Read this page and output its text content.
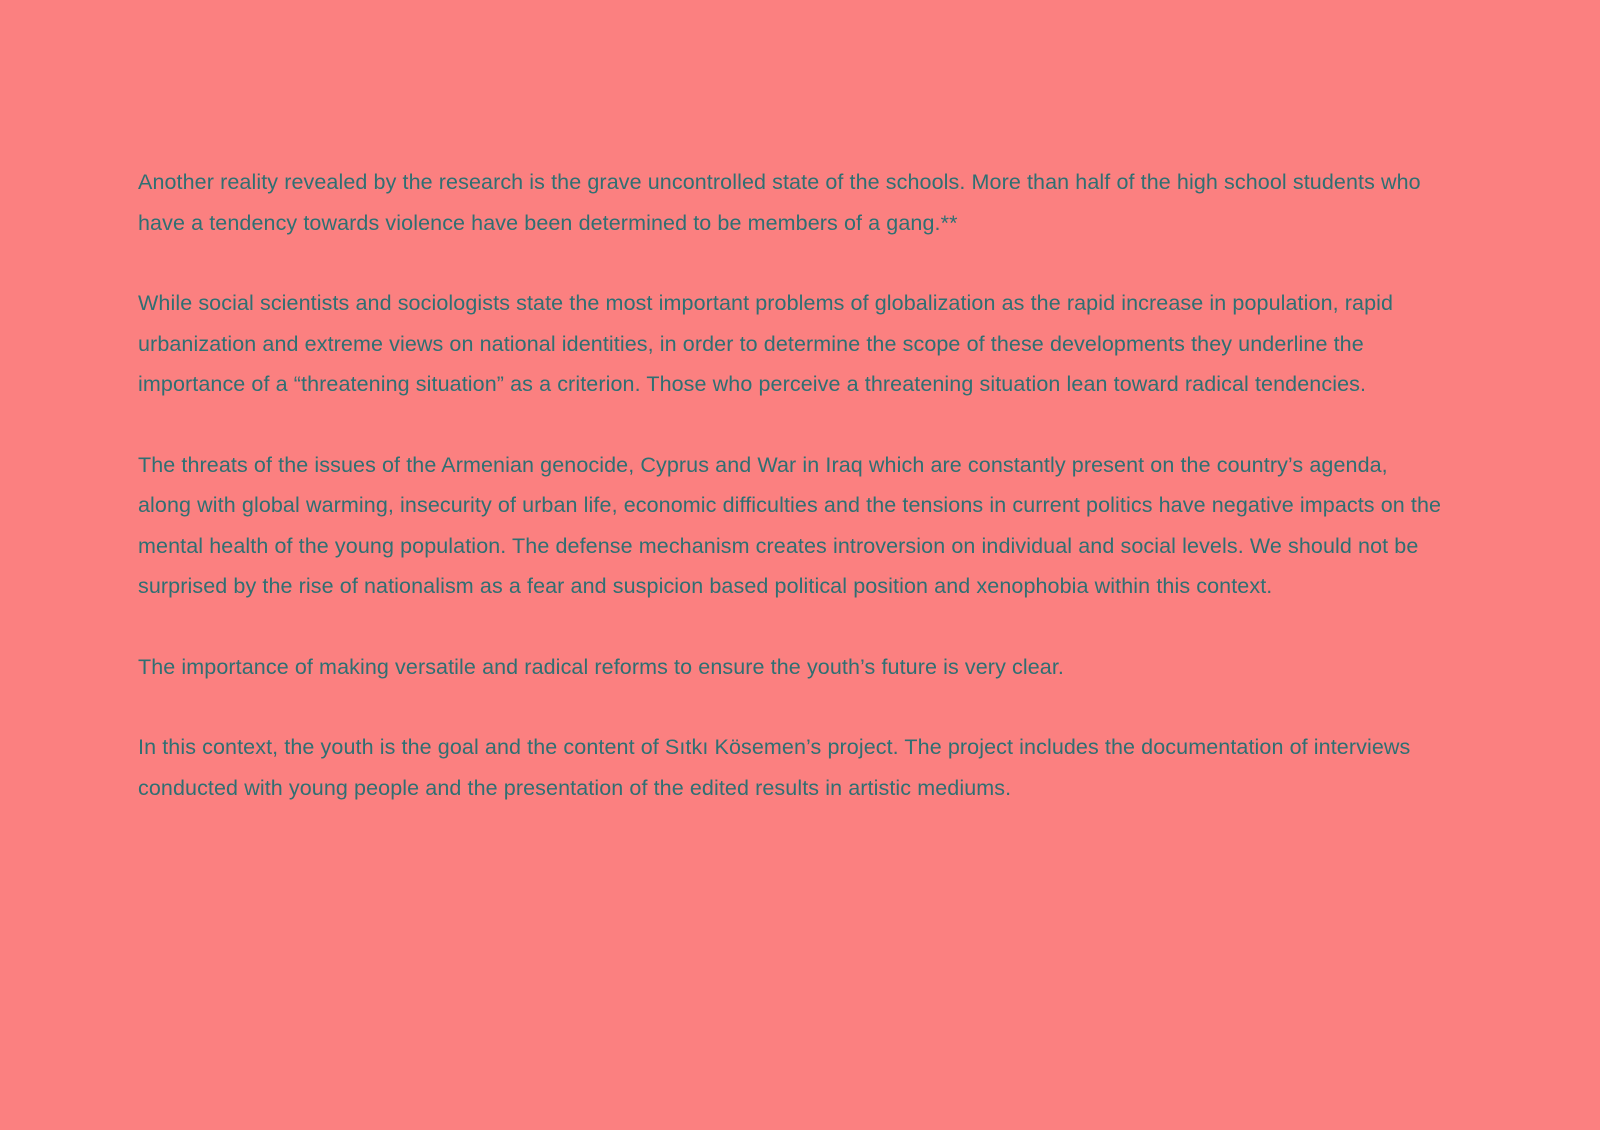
Another reality revealed by the research is the grave uncontrolled state of the schools. More than half of the high school students who have a tendency towards violence have been determined to be members of a gang.**

While social scientists and sociologists state the most important problems of globalization as the rapid increase in population, rapid urbanization and extreme views on national identities, in order to determine the scope of these developments they underline the importance of a “threatening situation” as a criterion. Those who perceive a threatening situation lean toward radical tendencies.

The threats of the issues of the Armenian genocide, Cyprus and War in Iraq which are constantly present on the country’s agenda, along with global warming, insecurity of urban life, economic difficulties and the tensions in current politics have negative impacts on the mental health of the young population. The defense mechanism creates introversion on individual and social levels. We should not be surprised by the rise of nationalism as a fear and suspicion based political position and xenophobia within this context.

The importance of making versatile and radical reforms to ensure the youth’s future is very clear.

In this context, the youth is the goal and the content of Sıtkı Kösemen’s project. The project includes the documentation of interviews conducted with young people and the presentation of the edited results in artistic mediums.
